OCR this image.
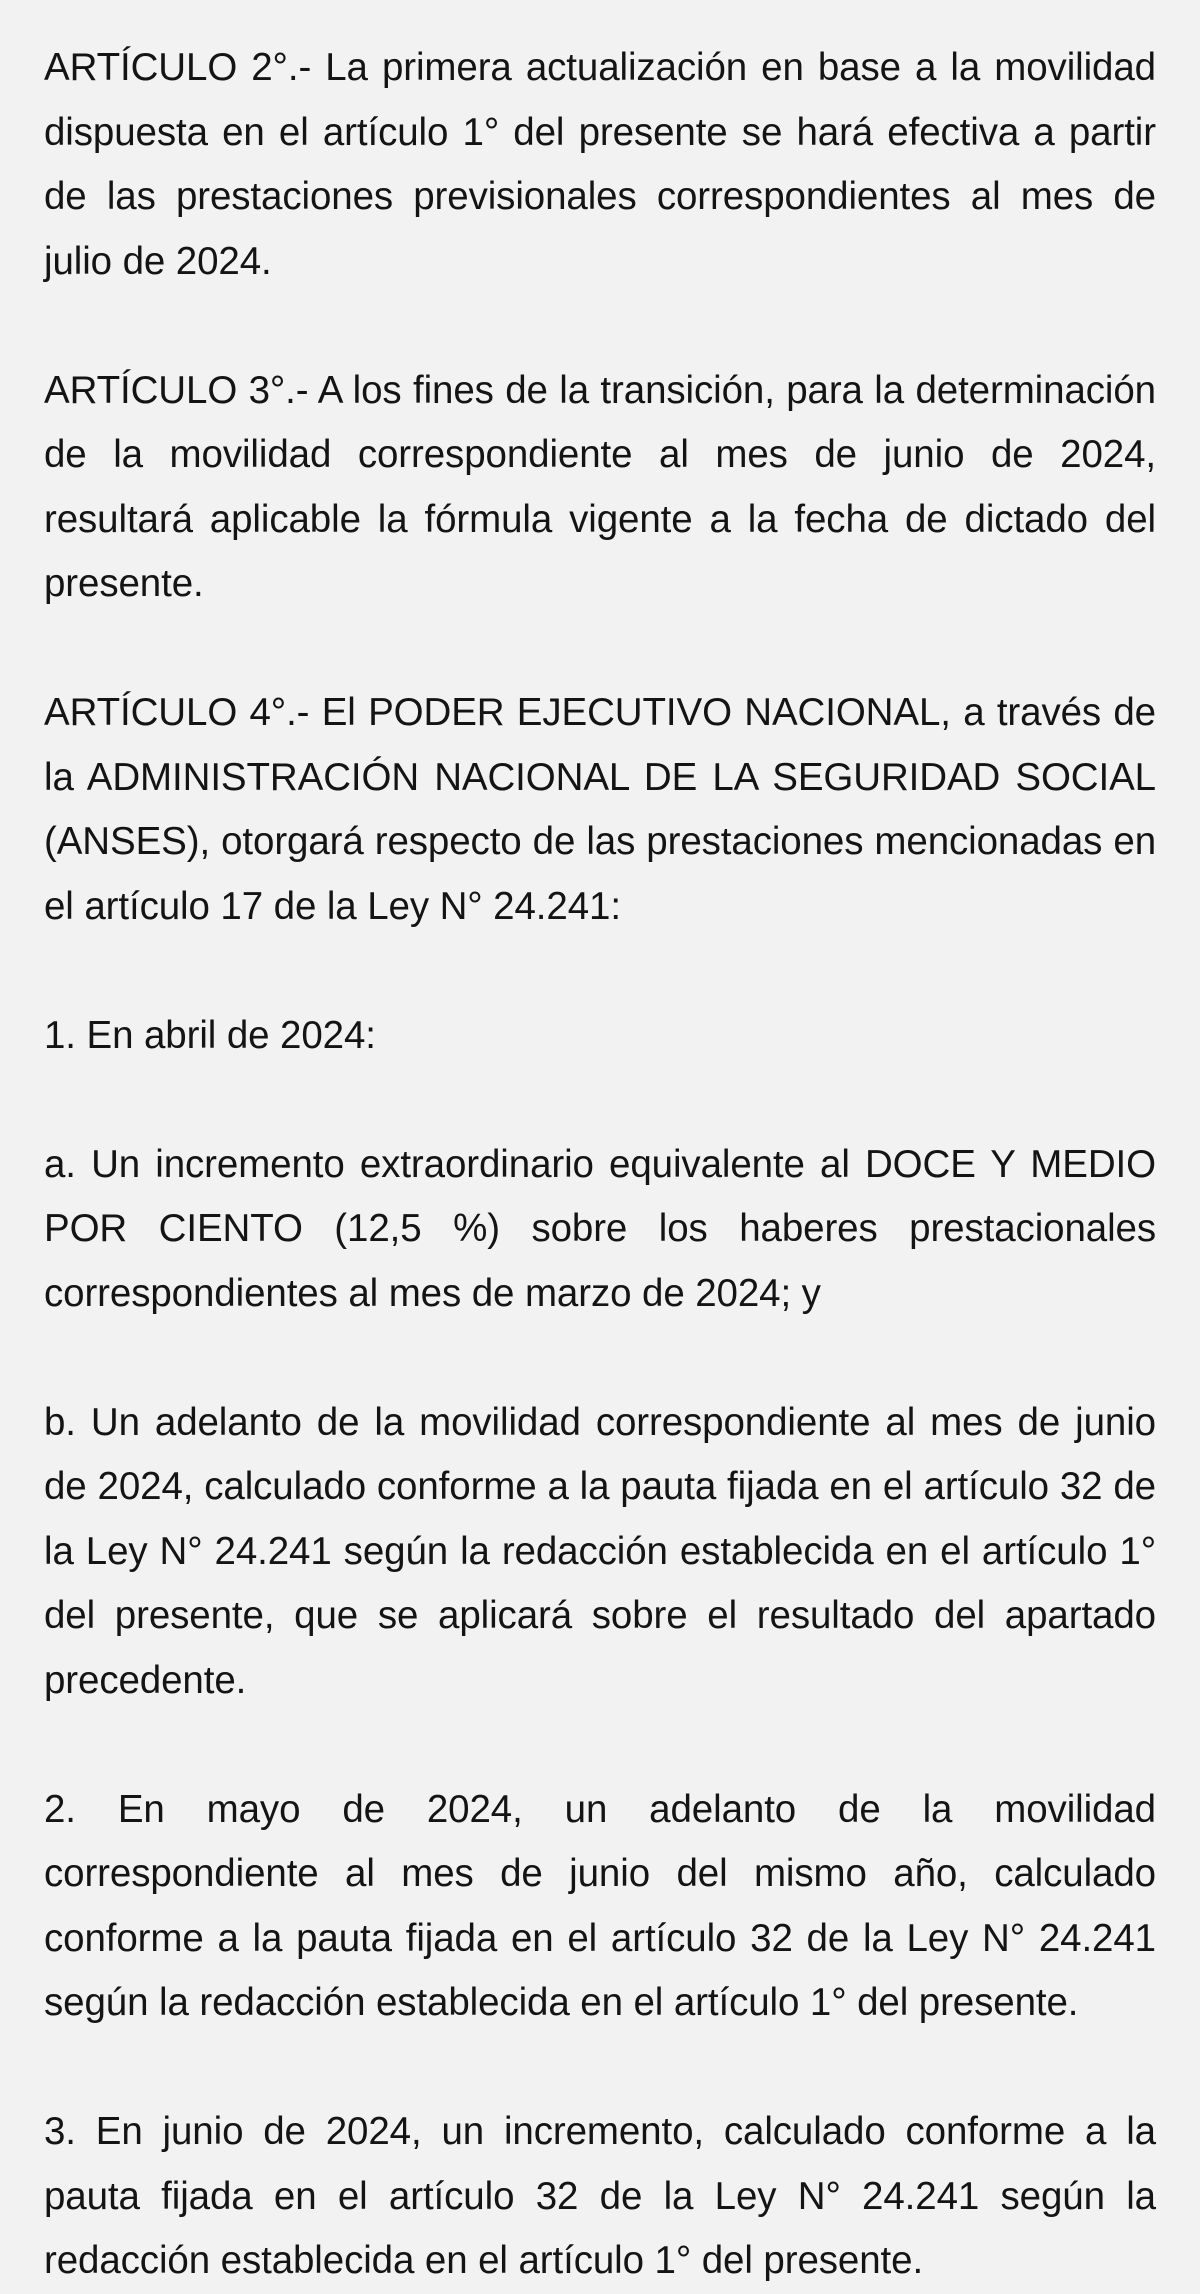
ARTÍCULO 2°.- La primera actualización en base a la movilidad dispuesta en el artículo 1° del presente se hará efectiva a partir de las prestaciones previsionales correspondientes al mes de julio de 2024.

ARTÍCULO 3°.- A los fines de la transición, para la determinación de la movilidad correspondiente al mes de junio de 2024, resultará aplicable la fórmula vigente a la fecha de dictado del presente.

ARTÍCULO 4°.- El PODER EJECUTIVO NACIONAL, a través de la ADMINISTRACIÓN NACIONAL DE LA SEGURIDAD SOCIAL (ANSES), otorgará respecto de las prestaciones mencionadas en el artículo 17 de la Ley N° 24.241:

1. En abril de 2024:

a. Un incremento extraordinario equivalente al DOCE Y MEDIO POR CIENTO (12,5 %) sobre los haberes prestacionales correspondientes al mes de marzo de 2024; y

b. Un adelanto de la movilidad correspondiente al mes de junio de 2024, calculado conforme a la pauta fijada en el artículo 32 de la Ley N° 24.241 según la redacción establecida en el artículo 1° del presente, que se aplicará sobre el resultado del apartado precedente.

2. En mayo de 2024, un adelanto de la movilidad correspondiente al mes de junio del mismo año, calculado conforme a la pauta fijada en el artículo 32 de la Ley N° 24.241 según la redacción establecida en el artículo 1° del presente.

3. En junio de 2024, un incremento, calculado conforme a la pauta fijada en el artículo 32 de la Ley N° 24.241 según la redacción establecida en el artículo 1° del presente.
